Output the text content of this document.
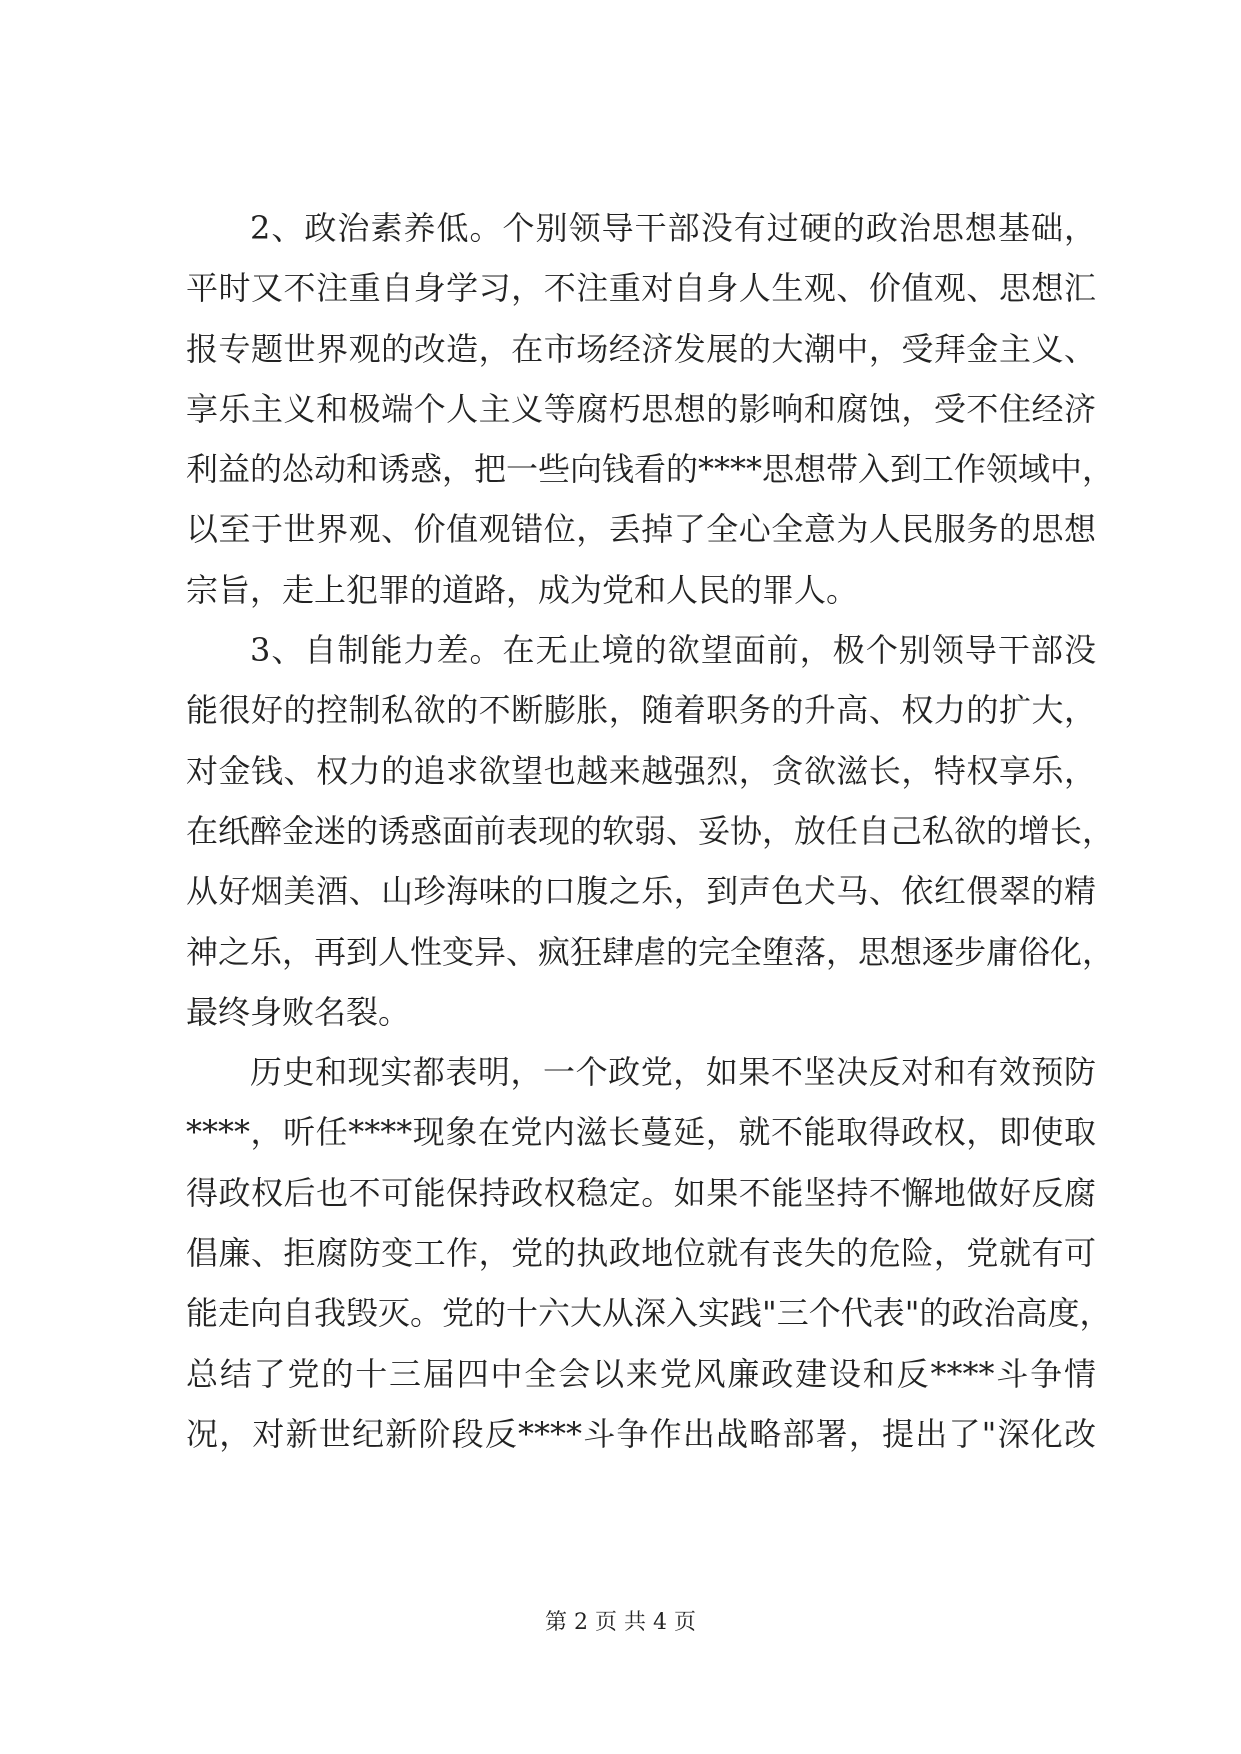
2、政治素养低。个别领导干部没有过硬的政治思想基础，
平时又不注重自身学习，不注重对自身人生观、价值观、思想汇
报专题世界观的改造，在市场经济发展的大潮中，受拜金主义、
享乐主义和极端个人主义等腐朽思想的影响和腐蚀，受不住经济
利益的怂动和诱惑，把一些向钱看的****思想带入到工作领域中，
以至于世界观、价值观错位，丢掉了全心全意为人民服务的思想
宗旨，走上犯罪的道路，成为党和人民的罪人。
3、自制能力差。在无止境的欲望面前，极个别领导干部没
能很好的控制私欲的不断膨胀，随着职务的升高、权力的扩大，
对金钱、权力的追求欲望也越来越强烈，贪欲滋长，特权享乐，
在纸醉金迷的诱惑面前表现的软弱、妥协，放任自己私欲的增长，
从好烟美酒、山珍海味的口腹之乐，到声色犬马、依红偎翠的精
神之乐，再到人性变异、疯狂肆虐的完全堕落，思想逐步庸俗化，
最终身败名裂。
历史和现实都表明，一个政党，如果不坚决反对和有效预防
****，听任****现象在党内滋长蔓延，就不能取得政权，即使取
得政权后也不可能保持政权稳定。如果不能坚持不懈地做好反腐
倡廉、拒腐防变工作，党的执政地位就有丧失的危险，党就有可
能走向自我毁灭。党的十六大从深入实践"三个代表"的政治高度，
总结了党的十三届四中全会以来党风廉政建设和反****斗争情
况，对新世纪新阶段反****斗争作出战略部署，提出了"深化改
第 2 页 共 4 页
